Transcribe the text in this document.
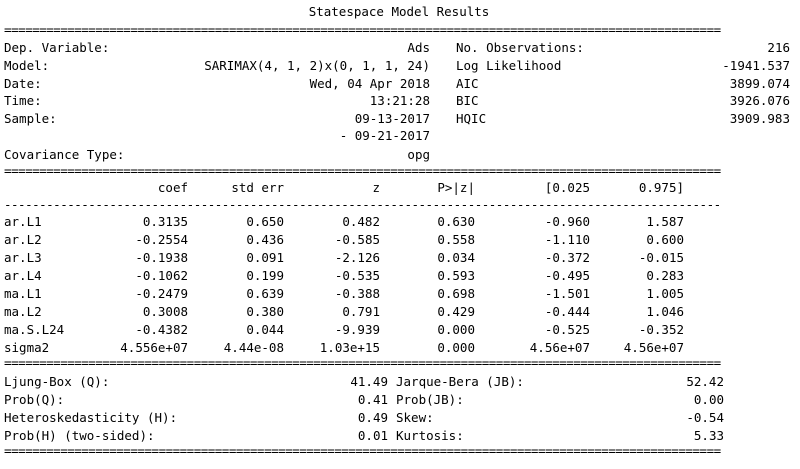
Statespace Model Results
======================================================================================================
Dep. Variable:	Ads
Model:	SARIMAX(4, 1, 2)x(0, 1, 1, 24)
Date:	Wed, 04 Apr 2018
Time:	13:21:28
Sample:	09-13-2017
- 09-21-2017
Covariance Type:	opg
No. Observations:	216
Log Likelihood	-1941.537
AIC	3899.074
BIC	3926.076
HQIC	3909.983
======================================================================================================
coef	std err	z	P>|z|	[0.025	0.975]
------------------------------------------------------------------------------------------------------
ar.L1	0.3135	0.650	0.482	0.630	-0.960	1.587
ar.L2	-0.2554	0.436	-0.585	0.558	-1.110	0.600
ar.L3	-0.1938	0.091	-2.126	0.034	-0.372	-0.015
ar.L4	-0.1062	0.199	-0.535	0.593	-0.495	0.283
ma.L1	-0.2479	0.639	-0.388	0.698	-1.501	1.005
ma.L2	0.3008	0.380	0.791	0.429	-0.444	1.046
ma.S.L24	-0.4382	0.044	-9.939	0.000	-0.525	-0.352
sigma2	4.556e+07	4.44e-08	1.03e+15	0.000	4.56e+07	4.56e+07
======================================================================================================
Ljung-Box (Q):	41.49 Jarque-Bera (JB):	52.42
Prob(Q):	0.41 Prob(JB):	0.00
Heteroskedasticity (H):	0.49 Skew:	-0.54
Prob(H) (two-sided):	0.01 Kurtosis:	5.33
======================================================================================================
